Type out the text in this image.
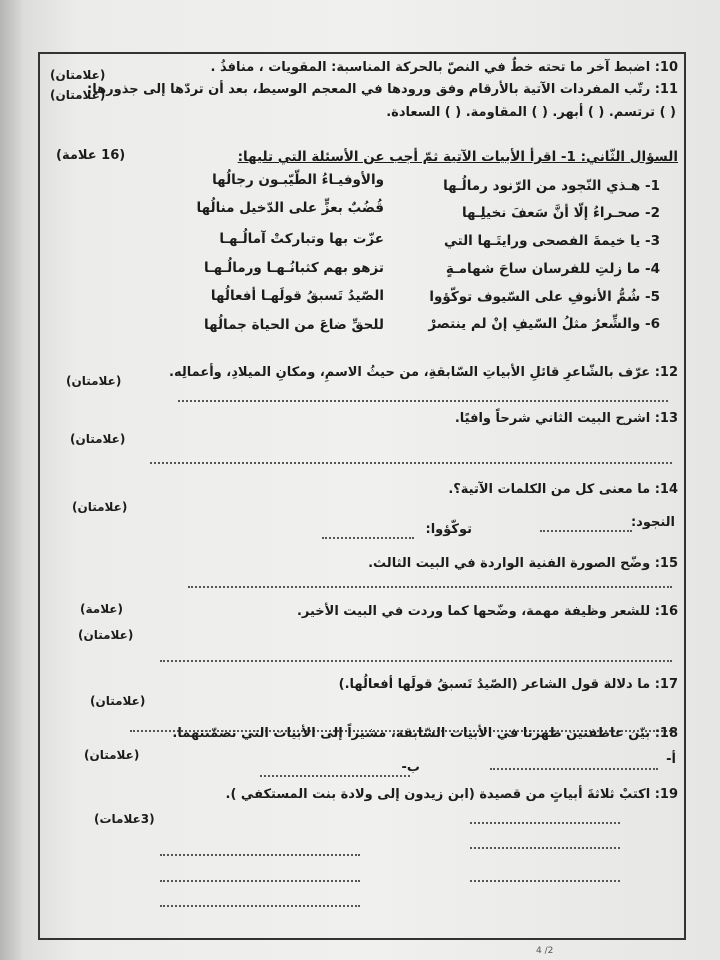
10: اضبط آخر ما تحته خطٌ في النصّ بالحركة المناسبة: المقويات ، منافذُ .
(علامتان)
11: رتّب المفردات الآتية بالأرقام وفق ورودها في المعجم الوسيط، بعد أن تردّها إلى جذورها:
(علامتان)
( ) ترتسم. ( ) أبهر. ( ) المقاومة. ( ) السعادة.
السؤال الثّاني: 1- اقرأ الأبيات الآتية ثمّ أجب عن الأسئلة التي تليها:
(16 علامة)
1- هـذي النّجود من الرّنود رمالُـها
والأوفيـاءُ الطّيّبـون رجالُها
2- صحـراءُ إلّا أنَّ سَعفَ نخيلِـها
قُضُبٌ بعزٍّ على الدّخيل منالُها
3- يا خيمةَ الفصحى ورايتَـها التي
عزّت بها وتباركتْ آمالُـهـا
4- ما زلتِ للفرسان ساحَ شهامـةٍ
تزهو بهم كثبانُـهـا ورمالُـهـا
5- شُمُّ الأنوفِ على السّيوف توكّؤوا
الصّيدُ تَسبقُ قولَهـا أفعالُها
6- والشِّعرُ مثلُ السّيفِ إنْ لم ينتصرْ
للحقِّ ضاعَ من الحياة جمالُها
12: عرّف بالشّاعرِ قائلِ الأبياتِ السّابقةِ، من حيثُ الاسمِ، ومكانِ الميلادِ، وأعمالِه.
(علامتان)
13: اشرح البيت الثاني شرحاً وافيًا.
(علامتان)
14: ما معنى كل من الكلمات الآتية؟.
(علامتان)
النجود:
توكّؤوا:
15: وضّح الصورة الفنية الواردة في البيت الثالث.
(علامة)	16: للشعر وظيفة مهمة، وضّحها كما وردت في البيت الأخير.
(علامتان)
17: ما دلالة قول الشاعر (الصّيدُ تَسبقُ قولَها أفعالُها.)
(علامتان)
18: بيّن عاطفتين ظهرتا في الأبيات السّابقة، مشيراً إلى الأبيات التي تضمّنتهما.
(علامتان)	أ-
ب-
19: اكتبْ ثلاثةَ أبياتٍ من قصيدة (ابن زيدون إلى ولادة بنت المستكفي ).
(3علامات)
4 /2
